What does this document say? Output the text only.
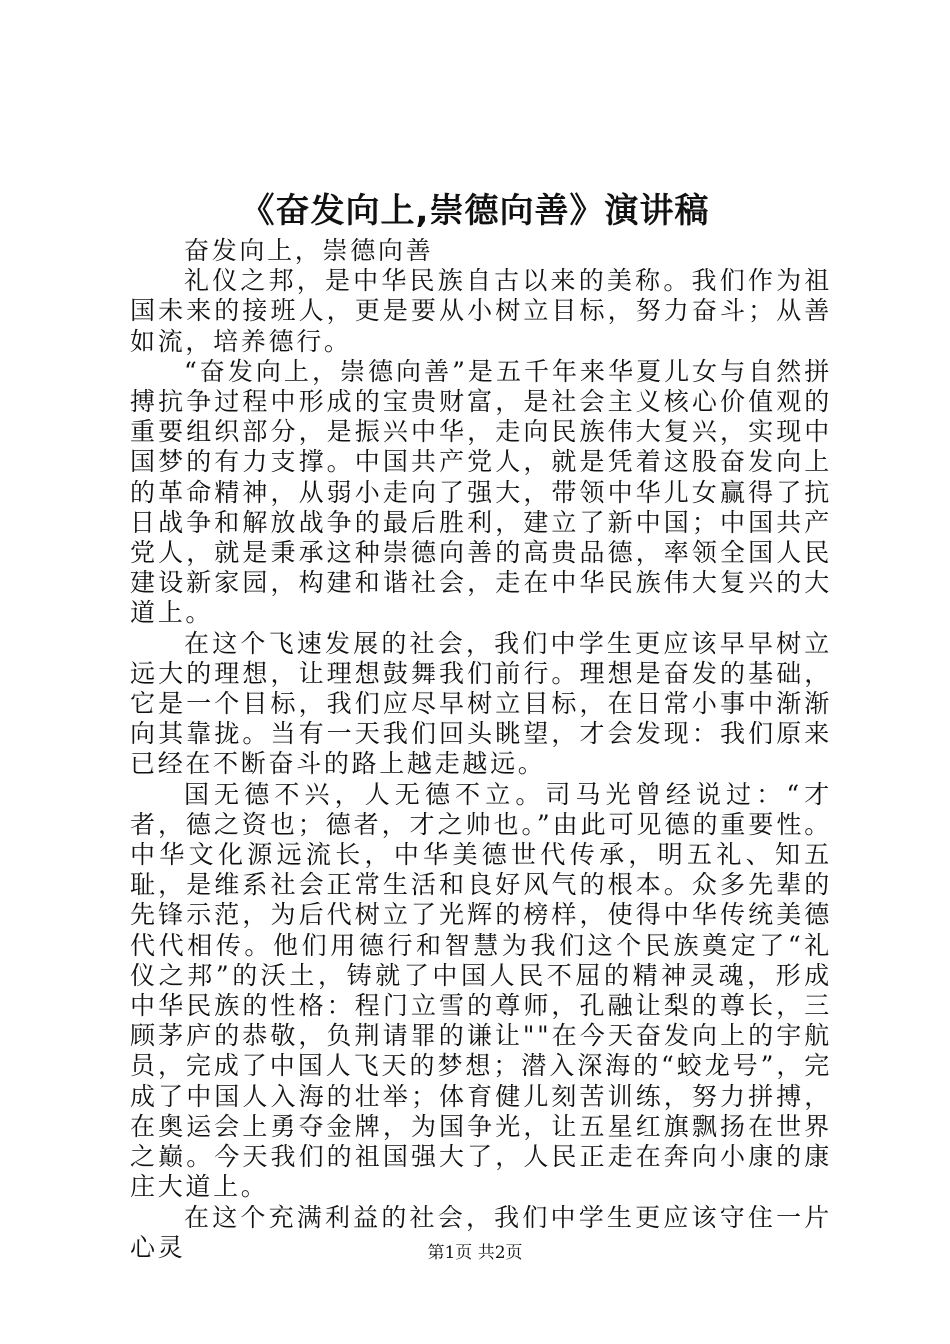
《奋发向上,崇德向善》演讲稿

奋发向上，崇德向善

礼仪之邦，是中华民族自古以来的美称。我们作为祖国未来的接班人，更是要从小树立目标，努力奋斗；从善如流，培养德行。

“奋发向上，崇德向善”是五千年来华夏儿女与自然拼搏抗争过程中形成的宝贵财富，是社会主义核心价值观的重要组织部分，是振兴中华，走向民族伟大复兴，实现中国梦的有力支撑。中国共产党人，就是凭着这股奋发向上的革命精神，从弱小走向了强大，带领中华儿女赢得了抗日战争和解放战争的最后胜利，建立了新中国；中国共产党人，就是秉承这种崇德向善的高贵品德，率领全国人民建设新家园，构建和谐社会，走在中华民族伟大复兴的大道上。

在这个飞速发展的社会，我们中学生更应该早早树立远大的理想，让理想鼓舞我们前行。理想是奋发的基础，它是一个目标，我们应尽早树立目标，在日常小事中渐渐向其靠拢。当有一天我们回头眺望，才会发现：我们原来已经在不断奋斗的路上越走越远。

国无德不兴，人无德不立。司马光曾经说过：“才者，德之资也；德者，才之帅也。”由此可见德的重要性。中华文化源远流长，中华美德世代传承，明五礼、知五耻，是维系社会正常生活和良好风气的根本。众多先辈的先锋示范，为后代树立了光辉的榜样，使得中华传统美德代代相传。他们用德行和智慧为我们这个民族奠定了“礼仪之邦”的沃土，铸就了中国人民不屈的精神灵魂，形成中华民族的性格：程门立雪的尊师，孔融让梨的尊长，三顾茅庐的恭敬，负荆请罪的谦让""在今天奋发向上的宇航员，完成了中国人飞天的梦想；潜入深海的“蛟龙号”，完成了中国人入海的壮举；体育健儿刻苦训练，努力拼搏，在奥运会上勇夺金牌，为国争光，让五星红旗飘扬在世界之巅。今天我们的祖国强大了，人民正走在奔向小康的康庄大道上。

在这个充满利益的社会，我们中学生更应该守住一片心灵	第1页 共2页
